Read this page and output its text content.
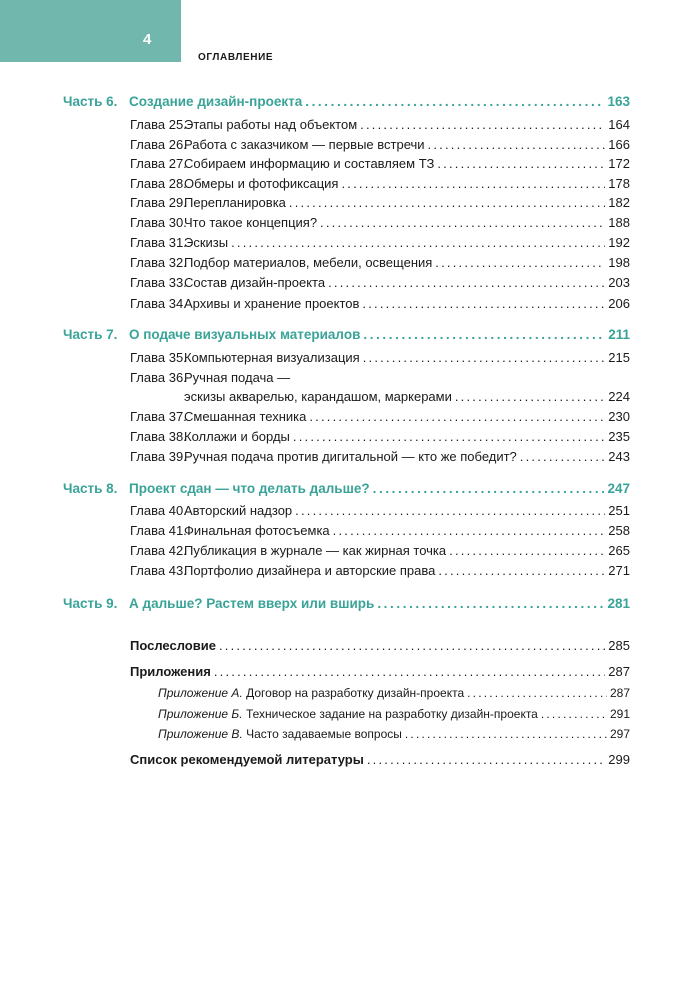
4
ОГЛАВЛЕНИЕ
Часть 6. Создание дизайн-проекта .....	163
Глава 25.Этапы работы над объектом .....	164
Глава 26.Работа с заказчиком — первые встречи .....	166
Глава 27.Собираем информацию и составляем ТЗ .....	172
Глава 28.Обмеры и фотофиксация .....	178
Глава 29.Перепланировка .....	182
Глава 30.Что такое концепция? .....	188
Глава 31.Эскизы .....	192
Глава 32.Подбор материалов, мебели, освещения .....	198
Глава 33.Состав дизайн-проекта .....	203
Глава 34.Архивы и хранение проектов .....	206
Часть 7. О подаче визуальных материалов .....	211
Глава 35.Компьютерная визуализация .....	215
Глава 36.Ручная подача —
эскизы акварелью, карандашом, маркерами .....	224
Глава 37.Смешанная техника .....	230
Глава 38.Коллажи и борды .....	235
Глава 39.Ручная подача против дигитальной — кто же победит? .....	243
Часть 8. Проект сдан — что делать дальше? .....	247
Глава 40.Авторский надзор .....	251
Глава 41.Финальная фотосъемка .....	258
Глава 42.Публикация в журнале — как жирная точка .....	265
Глава 43.Портфолио дизайнера и авторские права .....	271
Часть 9. А дальше? Растем вверх или вширь .....	281
Послесловие .....	285
Приложения .....	287
Приложение А. Договор на разработку дизайн-проекта .....	287
Приложение Б. Техническое задание на разработку дизайн-проекта .....	291
Приложение В. Часто задаваемые вопросы .....	297
Список рекомендуемой литературы .....	299
